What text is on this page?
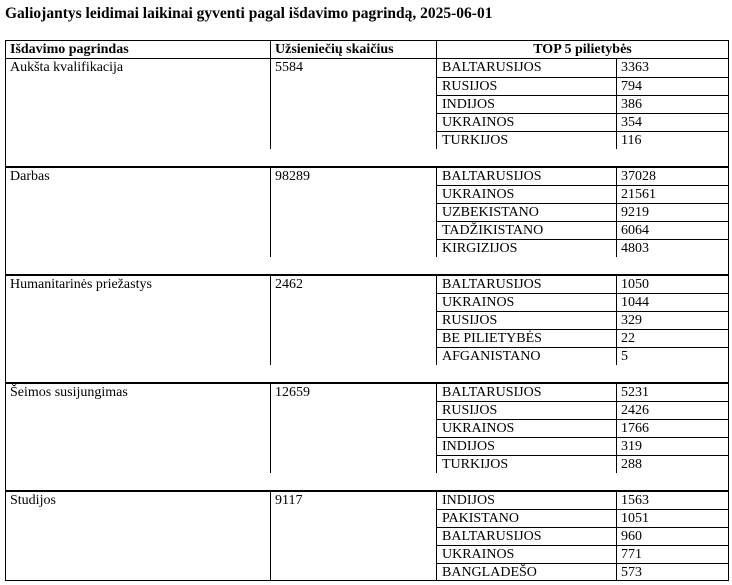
Galiojantys leidimai laikinai gyventi pagal išdavimo pagrindą, 2025-06-01
Išdavimo pagrindas	Užsieniečių skaičius	TOP 5 pilietybės
Aukšta kvalifikacija	5584	BALTARUSIJOS	3363
RUSIJOS	794
INDIJOS	386
UKRAINOS	354
TURKIJOS	116
Darbas	98289	BALTARUSIJOS	37028
UKRAINOS	21561
UZBEKISTANO	9219
TADŽIKISTANO	6064
KIRGIZIJOS	4803
Humanitarinės priežastys	2462	BALTARUSIJOS	1050
UKRAINOS	1044
RUSIJOS	329
BE PILIETYBĖS	22
AFGANISTANO	5
Šeimos susijungimas	12659	BALTARUSIJOS	5231
RUSIJOS	2426
UKRAINOS	1766
INDIJOS	319
TURKIJOS	288
Studijos	9117	INDIJOS	1563
PAKISTANO	1051
BALTARUSIJOS	960
UKRAINOS	771
BANGLADEŠO	573
